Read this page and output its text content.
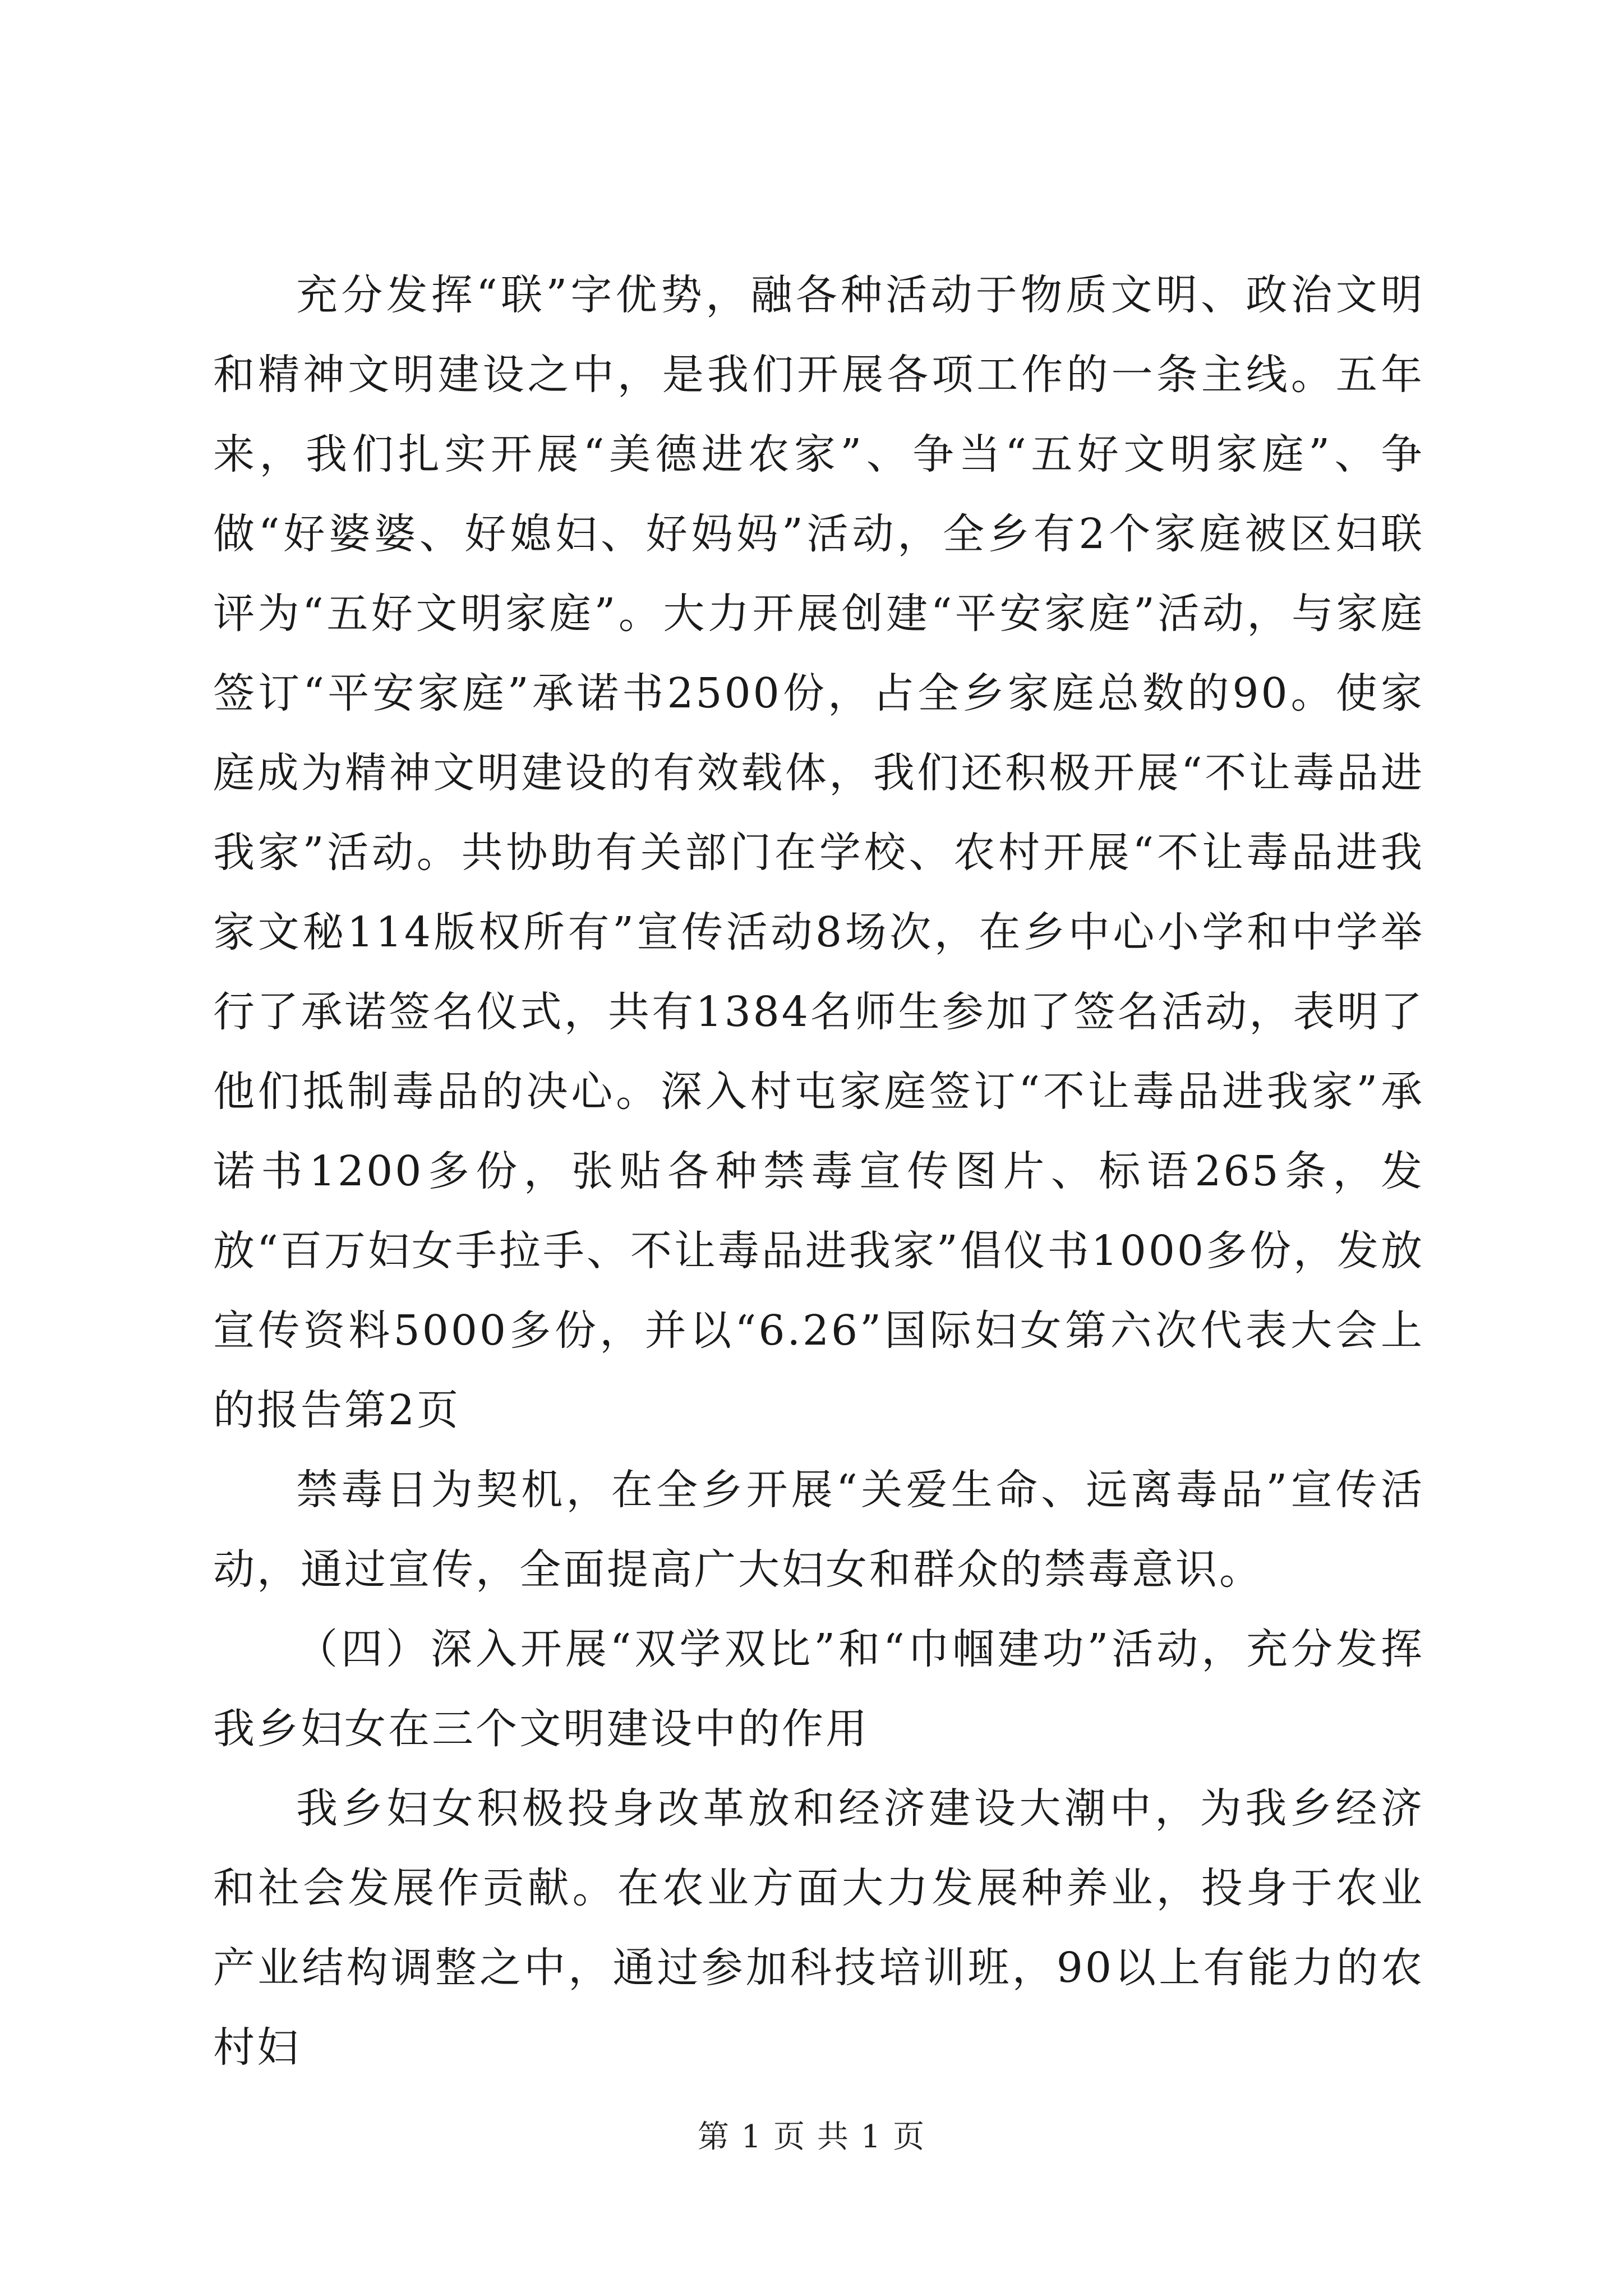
充分发挥“联”字优势，融各种活动于物质文明、政治文明和精神文明建设之中，是我们开展各项工作的一条主线。五年来，我们扎实开展“美德进农家”、争当“五好文明家庭”、争做“好婆婆、好媳妇、好妈妈”活动，全乡有2个家庭被区妇联评为“五好文明家庭”。大力开展创建“平安家庭”活动，与家庭签订“平安家庭”承诺书2500份，占全乡家庭总数的90。使家庭成为精神文明建设的有效载体，我们还积极开展“不让毒品进我家”活动。共协助有关部门在学校、农村开展“不让毒品进我家文秘114版权所有”宣传活动8场次，在乡中心小学和中学举行了承诺签名仪式，共有1384名师生参加了签名活动，表明了他们抵制毒品的决心。深入村屯家庭签订“不让毒品进我家”承诺书1200多份，张贴各种禁毒宣传图片、标语265条，发放“百万妇女手拉手、不让毒品进我家”倡仪书1000多份，发放宣传资料5000多份，并以“6.26”国际妇女第六次代表大会上的报告第2页

禁毒日为契机，在全乡开展“关爱生命、远离毒品”宣传活动，通过宣传，全面提高广大妇女和群众的禁毒意识。

（四）深入开展“双学双比”和“巾帼建功”活动，充分发挥我乡妇女在三个文明建设中的作用

我乡妇女积极投身改革放和经济建设大潮中，为我乡经济和社会发展作贡献。在农业方面大力发展种养业，投身于农业产业结构调整之中，通过参加科技培训班，90以上有能力的农村妇

第 1 页 共 1 页
